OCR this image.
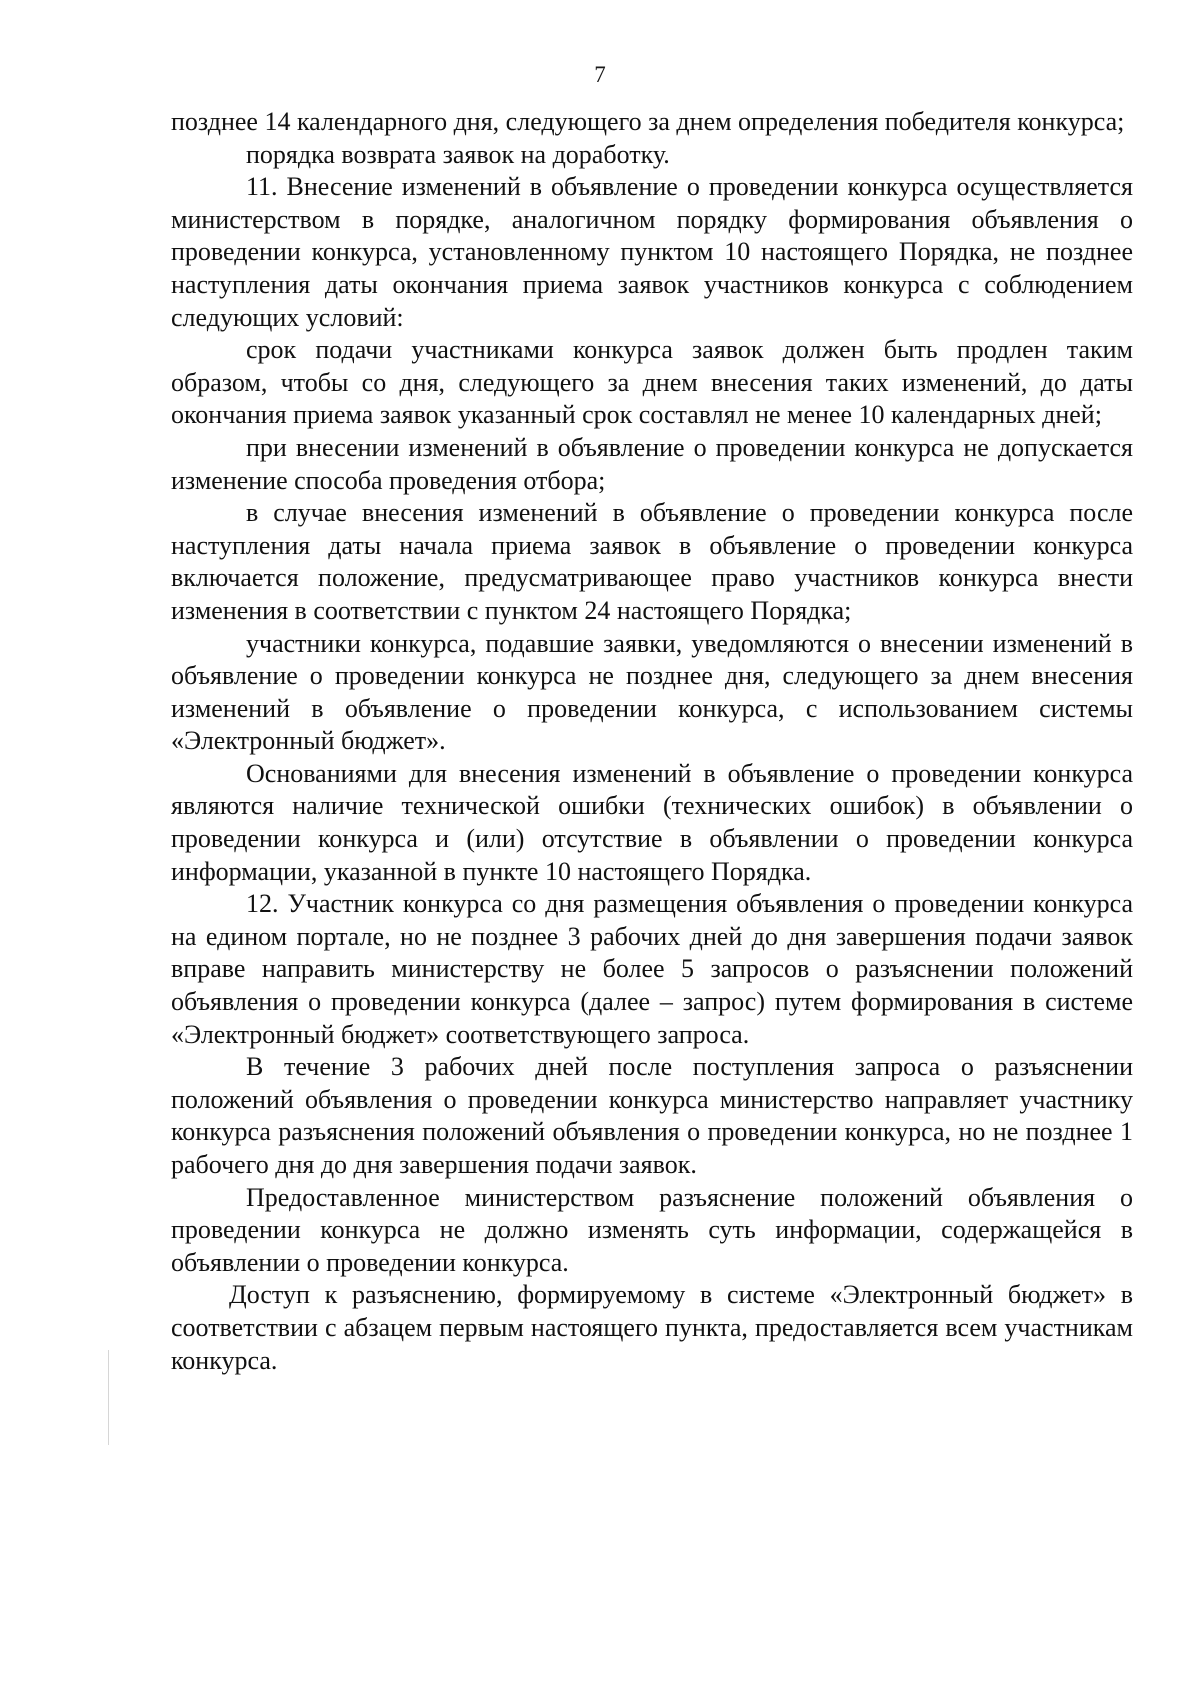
7

позднее 14 календарного дня, следующего за днем определения победителя конкурса;

порядка возврата заявок на доработку.

11. Внесение изменений в объявление о проведении конкурса осуществляется министерством в порядке, аналогичном порядку формирования объявления о проведении конкурса, установленному пунктом 10 настоящего Порядка, не позднее наступления даты окончания приема заявок участников конкурса с соблюдением следующих условий:

срок подачи участниками конкурса заявок должен быть продлен таким образом, чтобы со дня, следующего за днем внесения таких изменений, до даты окончания приема заявок указанный срок составлял не менее 10 календарных дней;

при внесении изменений в объявление о проведении конкурса не допускается изменение способа проведения отбора;

в случае внесения изменений в объявление о проведении конкурса после наступления даты начала приема заявок в объявление о проведении конкурса включается положение, предусматривающее право участников конкурса внести изменения в соответствии с пунктом 24 настоящего Порядка;

участники конкурса, подавшие заявки, уведомляются о внесении изменений в объявление о проведении конкурса не позднее дня, следующего за днем внесения изменений в объявление о проведении конкурса, с использованием системы «Электронный бюджет».

Основаниями для внесения изменений в объявление о проведении конкурса являются наличие технической ошибки (технических ошибок) в объявлении о проведении конкурса и (или) отсутствие в объявлении о проведении конкурса информации, указанной в пункте 10 настоящего Порядка.

12. Участник конкурса со дня размещения объявления о проведении конкурса на едином портале, но не позднее 3 рабочих дней до дня завершения подачи заявок вправе направить министерству не более 5 запросов о разъяснении положений объявления о проведении конкурса (далее – запрос) путем формирования в системе «Электронный бюджет» соответствующего запроса.

В течение 3 рабочих дней после поступления запроса о разъяснении положений объявления о проведении конкурса министерство направляет участнику конкурса разъяснения положений объявления о проведении конкурса, но не позднее 1 рабочего дня до дня завершения подачи заявок.

Предоставленное министерством разъяснение положений объявления о проведении конкурса не должно изменять суть информации, содержащейся в объявлении о проведении конкурса.

Доступ к разъяснению, формируемому в системе «Электронный бюджет» в соответствии с абзацем первым настоящего пункта, предоставляется всем участникам конкурса.
